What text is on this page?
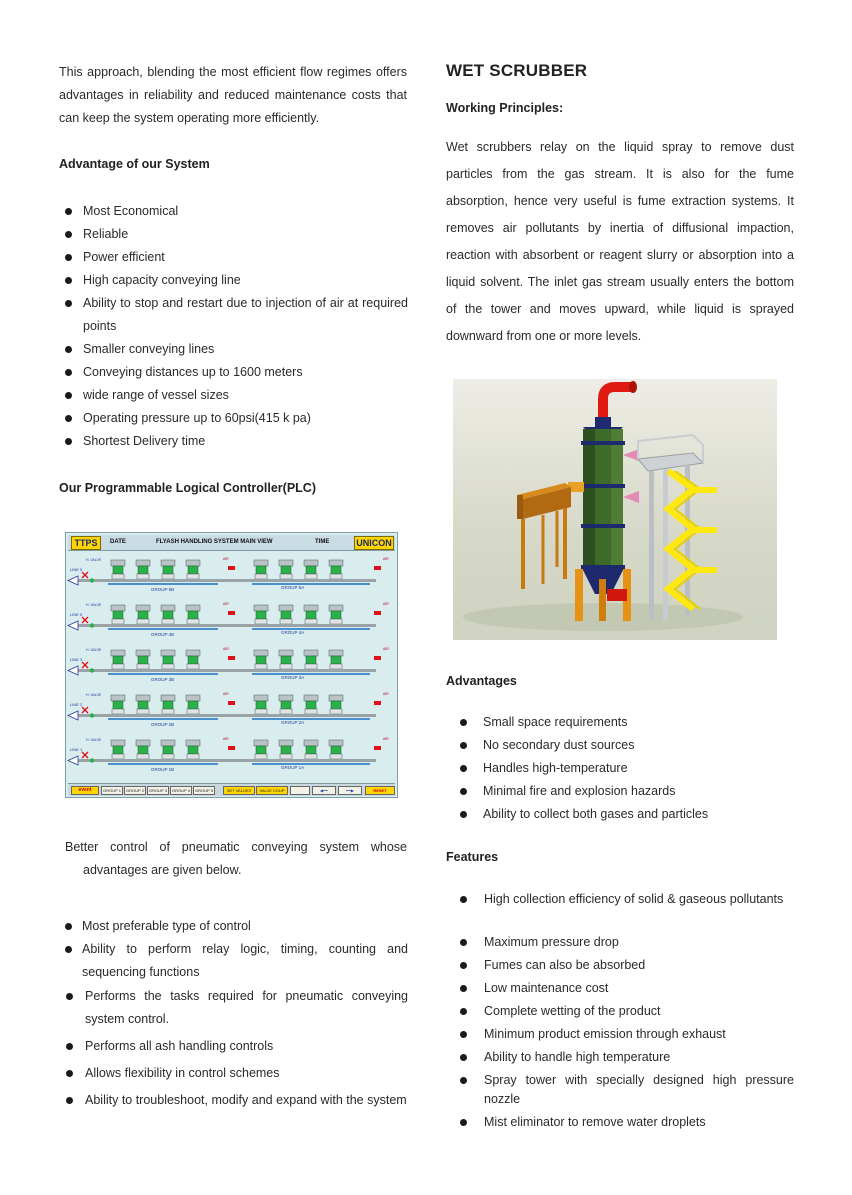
This approach, blending the most efficient flow regimes offers advantages in reliability and reduced maintenance costs that can keep the system operating more efficiently.

Advantage of our System
Most Economical
Reliable
Power efficient
High capacity conveying line
Ability to stop and restart due to injection of air at required points
Smaller conveying lines
Conveying distances up to 1600 meters
wide range of vessel sizes
Operating pressure up to 60psi(415 k pa)
Shortest Delivery time
Our Programmable Logical Controller(PLC)
TTPS	DATE	FLYASH HANDLING SYSTEM MAIN VIEW	TIME	UNICON
H. VALVE
LINE 5
AIR	AIR
GROUP 5B	GROUP 5A
H. VALVE
LINE 5
AIR	AIR
GROUP 4B	GROUP 4A
H. VALVE
LINE 3
AIR	AIR
GROUP 3B	GROUP 3A
H. VALVE
LINE 2
AIR	AIR
GROUP 2B	GROUP 2A
H. VALVE
LINE 1
AIR	AIR
GROUP 1B	GROUP 1A
event	GROUP 1	GROUP 2	GROUP 3	GROUP 4	GROUP 5	SET VALUES	VALVE COUP	◀━━	━━▶	RESET

Better control of pneumatic conveying system whose advantages are given below.

Most preferable type of control
Ability to perform relay logic, timing, counting and sequencing functions
Performs the tasks required for pneumatic conveying system control.
Performs all ash handling controls
Allows flexibility in control schemes
Ability to troubleshoot, modify and expand with the system
WET SCRUBBER
Working Principles:

Wet scrubbers relay on the liquid spray to remove dust particles from the gas stream. It is also for the fume absorption, hence very useful is fume extraction systems. It removes air pollutants by inertia of diffusional impaction, reaction with absorbent or reagent slurry or absorption into a liquid solvent. The inlet gas stream usually enters the bottom of the tower and moves upward, while liquid is sprayed downward from one or more levels.

Advantages
Small space requirements
No secondary dust sources
Handles high-temperature
Minimal fire and explosion hazards
Ability to collect both gases and particles
Features
High collection efficiency of solid & gaseous pollutants
Maximum pressure drop
Fumes can also be absorbed
Low maintenance cost
Complete wetting of the product
Minimum product emission through exhaust
Ability to handle high temperature
Spray tower with specially designed high pressure nozzle
Mist eliminator to remove water droplets
